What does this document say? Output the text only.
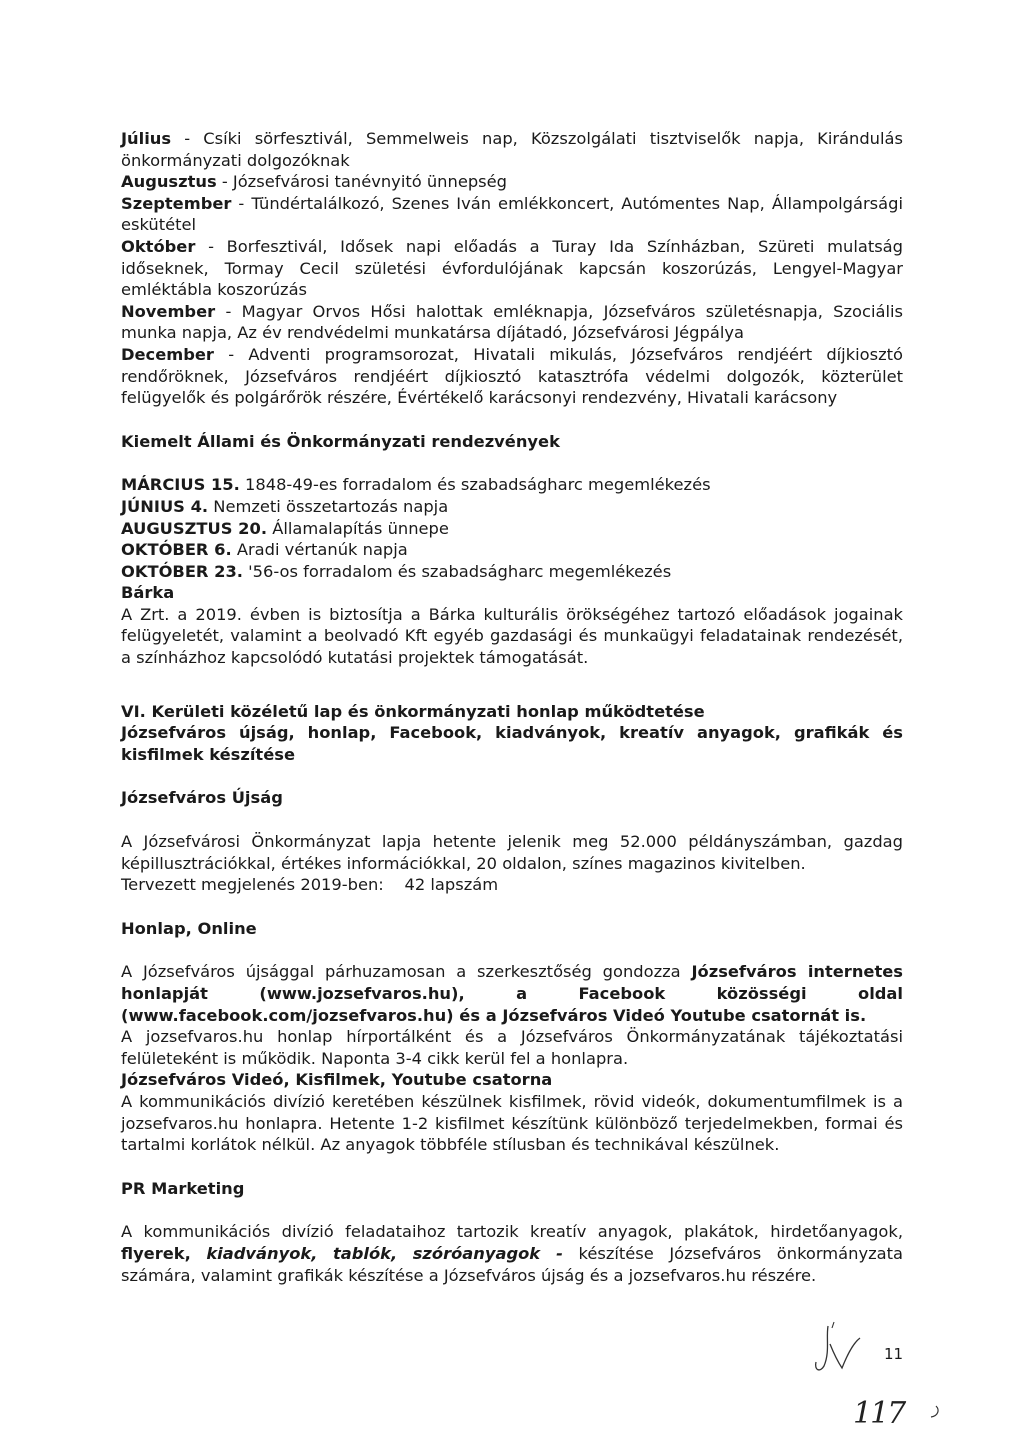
Július - Csíki sörfesztivál, Semmelweis nap, Közszolgálati tisztviselők napja, Kirándulás önkormányzati dolgozóknak

Augusztus - Józsefvárosi tanévnyitó ünnepség

Szeptember - Tündértalálkozó, Szenes Iván emlékkoncert, Autómentes Nap, Állampolgársági eskütétel

Október - Borfesztivál, Idősek napi előadás a Turay Ida Színházban, Szüreti mulatság időseknek, Tormay Cecil születési évfordulójának kapcsán koszorúzás, Lengyel-Magyar emléktábla koszorúzás

November - Magyar Orvos Hősi halottak emléknapja, Józsefváros születésnapja, Szociális munka napja, Az év rendvédelmi munkatársa díjátadó, Józsefvárosi Jégpálya

December - Adventi programsorozat, Hivatali mikulás, Józsefváros rendjéért díjkiosztó rendőröknek, Józsefváros rendjéért díjkiosztó katasztrófa védelmi dolgozók, közterület felügyelők és polgárőrök részére, Évértékelő karácsonyi rendezvény, Hivatali karácsony

Kiemelt Állami és Önkormányzati rendezvények

MÁRCIUS 15. 1848-49-es forradalom és szabadságharc megemlékezés

JÚNIUS 4. Nemzeti összetartozás napja

AUGUSZTUS 20. Államalapítás ünnepe

OKTÓBER 6. Aradi vértanúk napja

OKTÓBER 23. '56-os forradalom és szabadságharc megemlékezés

Bárka

A Zrt. a 2019. évben is biztosítja a Bárka kulturális örökségéhez tartozó előadások jogainak felügyeletét, valamint a beolvadó Kft egyéb gazdasági és munkaügyi feladatainak rendezését, a színházhoz kapcsolódó kutatási projektek támogatását.

VI. Kerületi közéletű lap és önkormányzati honlap működtetése

Józsefváros újság, honlap, Facebook, kiadványok, kreatív anyagok, grafikák és kisfilmek készítése

Józsefváros Újság

A Józsefvárosi Önkormányzat lapja hetente jelenik meg 52.000 példányszámban, gazdag képillusztrációkkal, értékes információkkal, 20 oldalon, színes magazinos kivitelben.

Tervezett megjelenés 2019-ben: 42 lapszám

Honlap, Online

A Józsefváros újsággal párhuzamosan a szerkesztőség gondozza Józsefváros internetes honlapját (www.jozsefvaros.hu), a Facebook közösségi oldal (www.facebook.com/jozsefvaros.hu) és a Józsefváros Videó Youtube csatornát is.

A jozsefvaros.hu honlap hírportálként és a Józsefváros Önkormányzatának tájékoztatási felületeként is működik. Naponta 3-4 cikk kerül fel a honlapra.

Józsefváros Videó, Kisfilmek, Youtube csatorna

A kommunikációs divízió keretében készülnek kisfilmek, rövid videók, dokumentumfilmek is a jozsefvaros.hu honlapra. Hetente 1-2 kisfilmet készítünk különböző terjedelmekben, formai és tartalmi korlátok nélkül. Az anyagok többféle stílusban és technikával készülnek.

PR Marketing

A kommunikációs divízió feladataihoz tartozik kreatív anyagok, plakátok, hirdetőanyagok, flyerek, kiadványok, tablók, szóróanyagok - készítése Józsefváros önkormányzata számára, valamint grafikák készítése a Józsefváros újság és a jozsefvaros.hu részére.

11
117
